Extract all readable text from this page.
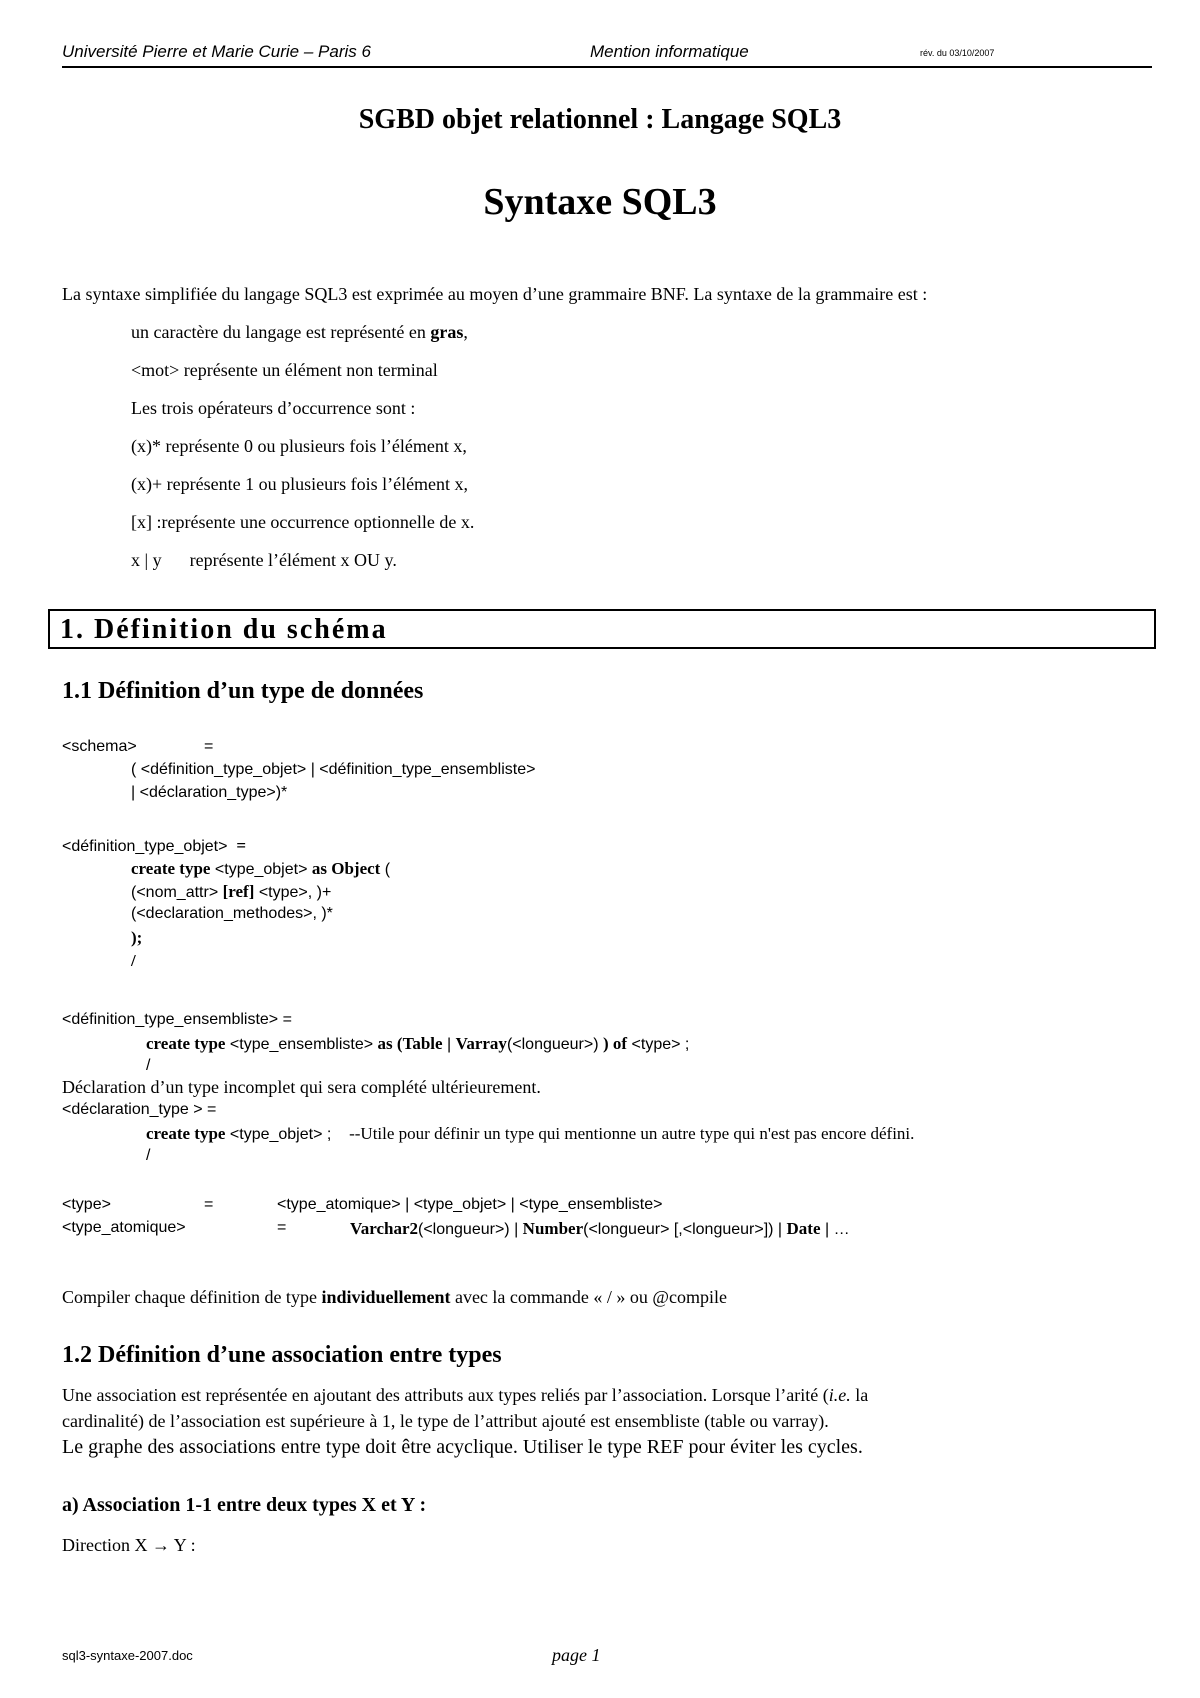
Université Pierre et Marie Curie – Paris 6	Mention informatique	rév. du 03/10/2007
SGBD objet relationnel : Langage SQL3
Syntaxe SQL3
La syntaxe simplifiée du langage SQL3 est exprimée au moyen d’une grammaire BNF. La syntaxe de la grammaire est :
un caractère du langage est représenté en gras,
<mot> représente un élément non terminal
Les trois opérateurs d’occurrence sont :
(x)* représente 0 ou plusieurs fois l’élément x,
(x)+ représente 1 ou plusieurs fois l’élément x,
[x] :représente une occurrence optionnelle de x.
x | y représente l’élément x OU y.
1. Définition du schéma
1.1 Définition d’un type de données
<schema>	=
( <définition_type_objet> | <définition_type_ensembliste>
| <déclaration_type>)*
<définition_type_objet> =
create type <type_objet> as Object (
(<nom_attr> [ref] <type>, )+
(<declaration_methodes>, )*
);
/
<définition_type_ensembliste> =
create type <type_ensembliste> as (Table | Varray(<longueur>) ) of <type> ;
/
Déclaration d’un type incomplet qui sera complété ultérieurement.
<déclaration_type > =
create type <type_objet> ; --Utile pour définir un type qui mentionne un autre type qui n'est pas encore défini.
/
<type>	=	<type_atomique> | <type_objet> | <type_ensembliste>
<type_atomique>	=	Varchar2(<longueur>) | Number(<longueur> [,<longueur>]) | Date | …
Compiler chaque définition de type individuellement avec la commande « / » ou @compile
1.2 Définition d’une association entre types
Une association est représentée en ajoutant des attributs aux types reliés par l’association. Lorsque l’arité (i.e. la
cardinalité) de l’association est supérieure à 1, le type de l’attribut ajouté est ensembliste (table ou varray).
Le graphe des associations entre type doit être acyclique. Utiliser le type REF pour éviter les cycles.
a) Association 1-1 entre deux types X et Y :
Direction X → Y :
sql3-syntaxe-2007.doc	page 1
